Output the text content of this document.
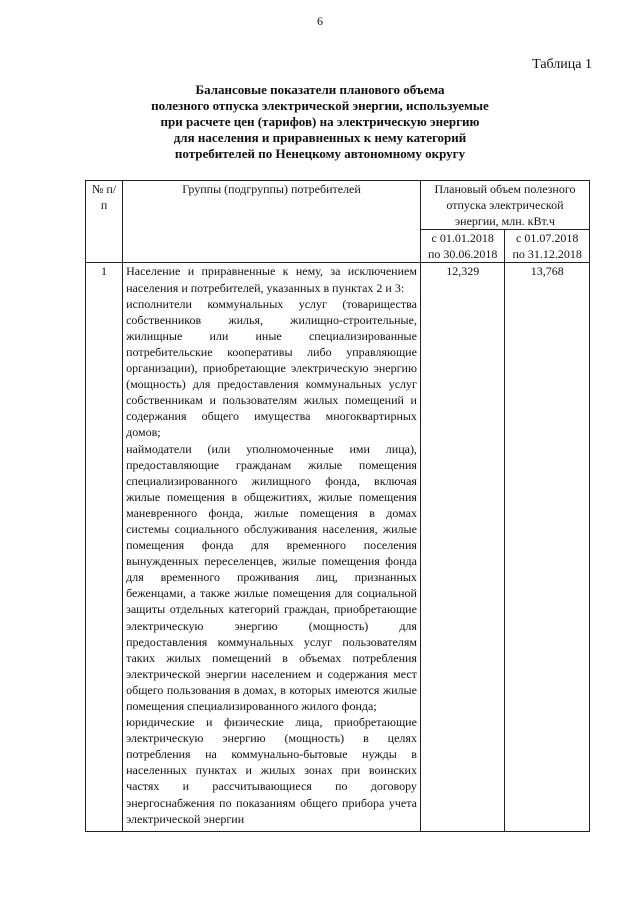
6
Таблица 1
Балансовые показатели планового объема
полезного отпуска электрической энергии, используемые
при расчете цен (тарифов) на электрическую энергию
для населения и приравненных к нему категорий
потребителей по Ненецкому автономному округу
№ п/п	Группы (подгруппы) потребителей	Плановый объем полезного отпуска электрической энергии, млн. кВт.ч	
		с 01.01.2018 по 30.06.2018	с 01.07.2018 по 31.12.2018
1	Население и приравненные к нему, за исключением населения и потребителей, указанных в пунктах 2 и 3:
исполнители коммунальных услуг (товарищества собственников жилья, жилищно-строительные, жилищные или иные специализированные потребительские кооперативы либо управляющие организации), приобретающие электрическую энергию (мощность) для предоставления коммунальных услуг собственникам и пользователям жилых помещений и содержания общего имущества многоквартирных домов;
наймодатели (или уполномоченные ими лица), предоставляющие гражданам жилые помещения специализированного жилищного фонда, включая жилые помещения в общежитиях, жилые помещения маневренного фонда, жилые помещения в домах системы социального обслуживания населения, жилые помещения фонда для временного поселения вынужденных переселенцев, жилые помещения фонда для временного проживания лиц, признанных беженцами, а также жилые помещения для социальной защиты отдельных категорий граждан, приобретающие электрическую энергию (мощность) для предоставления коммунальных услуг пользователям таких жилых помещений в объемах потребления электрической энергии населением и содержания мест общего пользования в домах, в которых имеются жилые помещения специализированного жилого фонда;
юридические и физические лица, приобретающие электрическую энергию (мощность) в целях потребления на коммунально-бытовые нужды в населенных пунктах и жилых зонах при воинских частях и рассчитывающиеся по договору энергоснабжения по показаниям общего прибора учета электрической энергии	12,329	13,768
